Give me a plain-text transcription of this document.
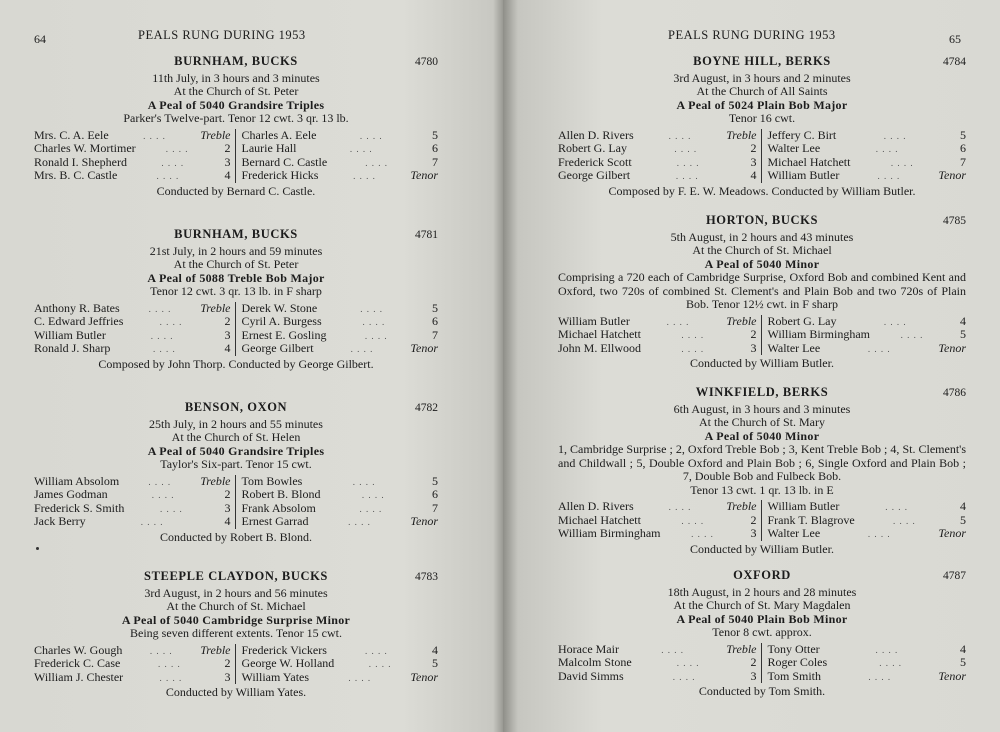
64	PEALS RUNG DURING 1953
BURNHAM, BUCKS	4780
11th July, in 3 hours and 3 minutes
At the Church of St. Peter
A Peal of 5040 Grandsire Triples
Parker's Twelve-part. Tenor 12 cwt. 3 qr. 13 lb.
Mrs. C. A. Eele	. . . .	Treble
Charles W. Mortimer	. . . .	2
Ronald I. Shepherd	. . . .	3
Mrs. B. C. Castle	. . . .	4
Charles A. Eele	. . . .	5
Laurie Hall	. . . .	6
Bernard C. Castle	. . . .	7
Frederick Hicks	. . . .	Tenor
Conducted by Bernard C. Castle.
BURNHAM, BUCKS	4781
21st July, in 2 hours and 59 minutes
At the Church of St. Peter
A Peal of 5088 Treble Bob Major
Tenor 12 cwt. 3 qr. 13 lb. in F sharp
Anthony R. Bates	. . . .	Treble
C. Edward Jeffries	. . . .	2
William Butler	. . . .	3
Ronald J. Sharp	. . . .	4
Derek W. Stone	. . . .	5
Cyril A. Burgess	. . . .	6
Ernest E. Gosling	. . . .	7
George Gilbert	. . . .	Tenor
Composed by John Thorp. Conducted by George Gilbert.
BENSON, OXON	4782
25th July, in 2 hours and 55 minutes
At the Church of St. Helen
A Peal of 5040 Grandsire Triples
Taylor's Six-part. Tenor 15 cwt.
William Absolom	. . . .	Treble
James Godman	. . . .	2
Frederick S. Smith	. . . .	3
Jack Berry	. . . .	4
Tom Bowles	. . . .	5
Robert B. Blond	. . . .	6
Frank Absolom	. . . .	7
Ernest Garrad	. . . .	Tenor
Conducted by Robert B. Blond.
STEEPLE CLAYDON, BUCKS	4783
3rd August, in 2 hours and 56 minutes
At the Church of St. Michael
A Peal of 5040 Cambridge Surprise Minor
Being seven different extents. Tenor 15 cwt.
Charles W. Gough	. . . .	Treble
Frederick C. Case	. . . .	2
William J. Chester	. . . .	3
Frederick Vickers	. . . .	4
George W. Holland	. . . .	5
William Yates	. . . .	Tenor
Conducted by William Yates.
PEALS RUNG DURING 1953	65
BOYNE HILL, BERKS	4784
3rd August, in 3 hours and 2 minutes
At the Church of All Saints
A Peal of 5024 Plain Bob Major
Tenor 16 cwt.
Allen D. Rivers	. . . .	Treble
Robert G. Lay	. . . .	2
Frederick Scott	. . . .	3
George Gilbert	. . . .	4
Jeffery C. Birt	. . . .	5
Walter Lee	. . . .	6
Michael Hatchett	. . . .	7
William Butler	. . . .	Tenor
Composed by F. E. W. Meadows. Conducted by William Butler.
HORTON, BUCKS	4785
5th August, in 2 hours and 43 minutes
At the Church of St. Michael
A Peal of 5040 Minor
Comprising a 720 each of Cambridge Surprise, Oxford Bob and combined Kent and Oxford, two 720s of combined St. Clement's and Plain Bob and two 720s of Plain Bob. Tenor 12½ cwt. in F sharp
William Butler	. . . .	Treble
Michael Hatchett	. . . .	2
John M. Ellwood	. . . .	3
Robert G. Lay	. . . .	4
William Birmingham	. . . .	5
Walter Lee	. . . .	Tenor
Conducted by William Butler.
WINKFIELD, BERKS	4786
6th August, in 3 hours and 3 minutes
At the Church of St. Mary
A Peal of 5040 Minor
1, Cambridge Surprise ; 2, Oxford Treble Bob ; 3, Kent Treble Bob ; 4, St. Clement's and Childwall ; 5, Double Oxford and Plain Bob ; 6, Single Oxford and Plain Bob ; 7, Double Bob and Fulbeck Bob.
Tenor 13 cwt. 1 qr. 13 lb. in E
Allen D. Rivers	. . . .	Treble
Michael Hatchett	. . . .	2
William Birmingham	. . . .	3
William Butler	. . . .	4
Frank T. Blagrove	. . . .	5
Walter Lee	. . . .	Tenor
Conducted by William Butler.
OXFORD	4787
18th August, in 2 hours and 28 minutes
At the Church of St. Mary Magdalen
A Peal of 5040 Plain Bob Minor
Tenor 8 cwt. approx.
Horace Mair	. . . .	Treble
Malcolm Stone	. . . .	2
David Simms	. . . .	3
Tony Otter	. . . .	4
Roger Coles	. . . .	5
Tom Smith	. . . .	Tenor
Conducted by Tom Smith.
